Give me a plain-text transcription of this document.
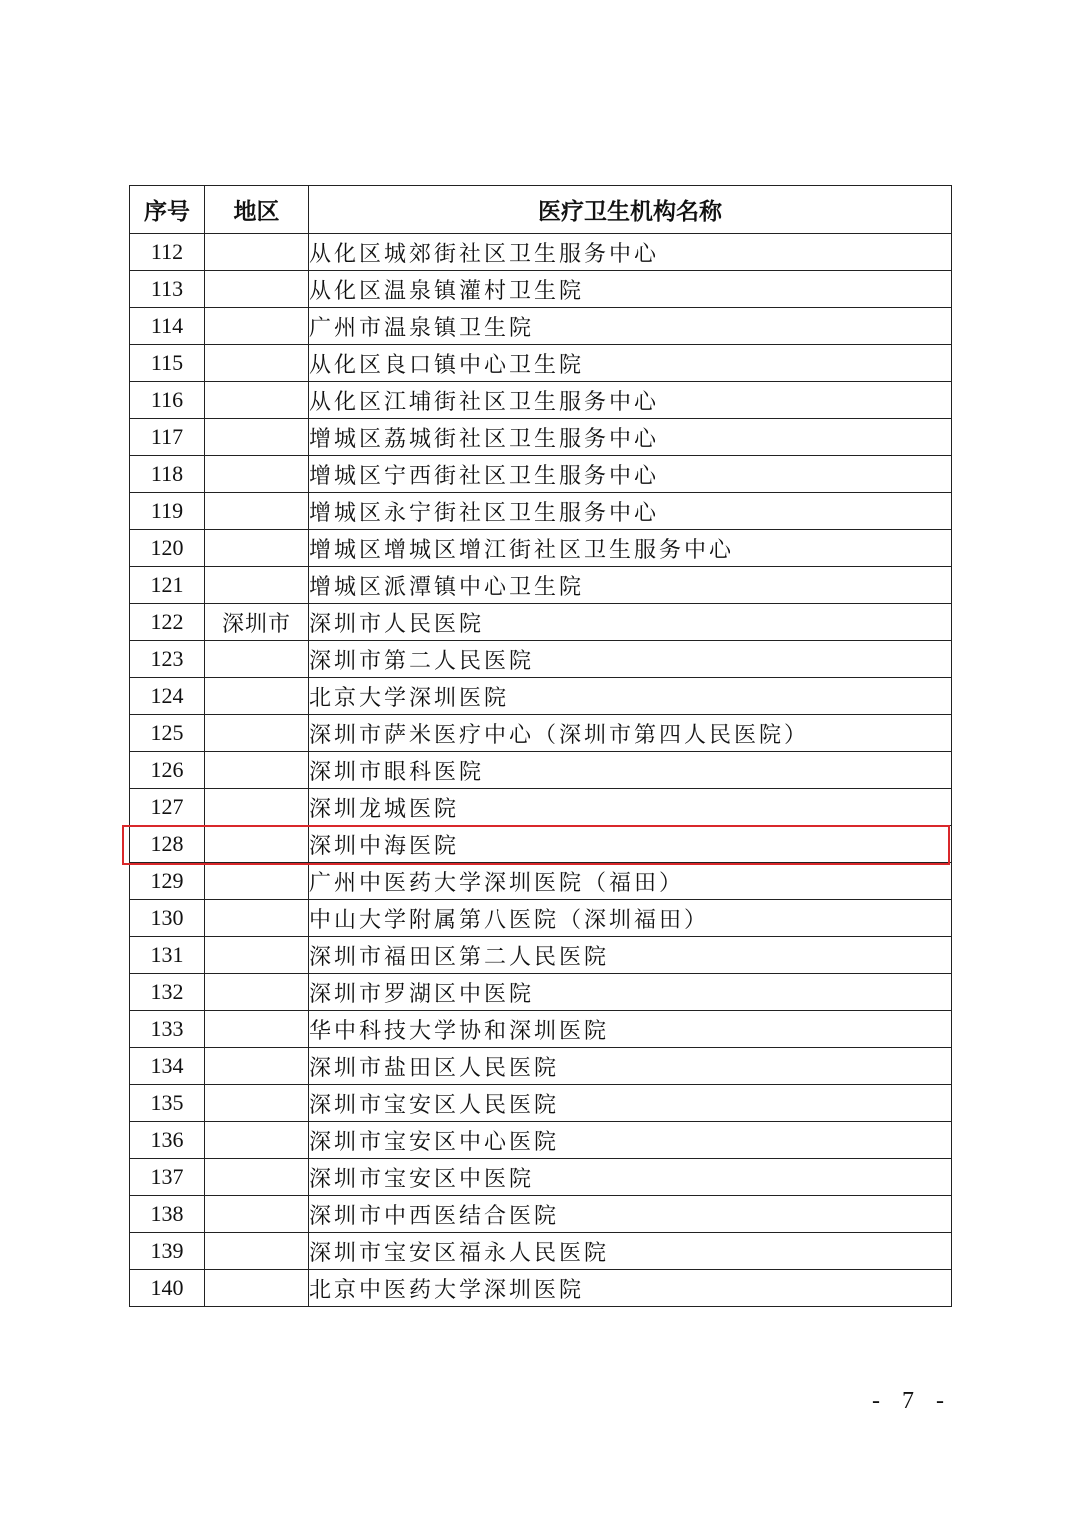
序号	地区	医疗卫生机构名称
112		从化区城郊街社区卫生服务中心
113		从化区温泉镇灌村卫生院
114		广州市温泉镇卫生院
115		从化区良口镇中心卫生院
116		从化区江埔街社区卫生服务中心
117		增城区荔城街社区卫生服务中心
118		增城区宁西街社区卫生服务中心
119		增城区永宁街社区卫生服务中心
120		增城区增城区增江街社区卫生服务中心
121		增城区派潭镇中心卫生院
122	深圳市	深圳市人民医院
123		深圳市第二人民医院
124		北京大学深圳医院
125		深圳市萨米医疗中心（深圳市第四人民医院）
126		深圳市眼科医院
127		深圳龙城医院
128		深圳中海医院
129		广州中医药大学深圳医院（福田）
130		中山大学附属第八医院（深圳福田）
131		深圳市福田区第二人民医院
132		深圳市罗湖区中医院
133		华中科技大学协和深圳医院
134		深圳市盐田区人民医院
135		深圳市宝安区人民医院
136		深圳市宝安区中心医院
137		深圳市宝安区中医院
138		深圳市中西医结合医院
139		深圳市宝安区福永人民医院
140		北京中医药大学深圳医院
- 7 -
